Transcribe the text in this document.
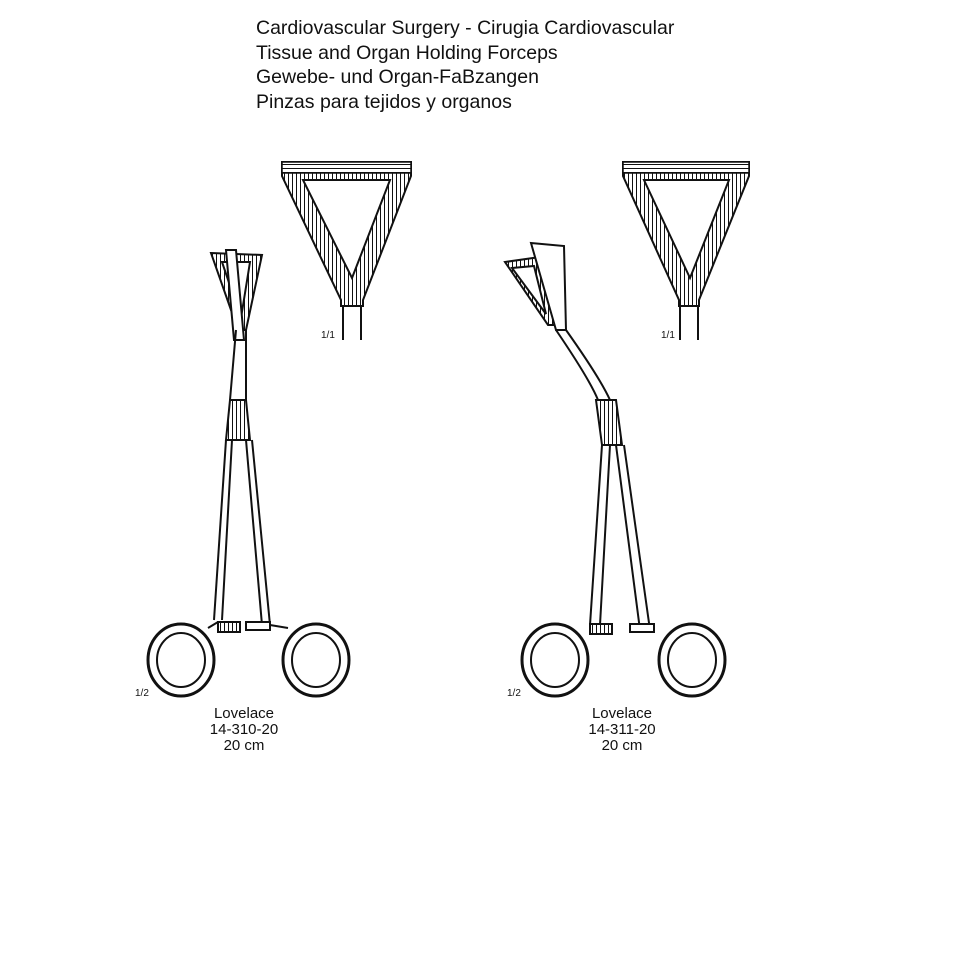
Cardiovascular Surgery - Cirugia Cardiovascular
Tissue and Organ Holding Forceps
Gewebe- und Organ-FaBzangen
Pinzas para tejidos y organos
1/1	1/1
1/2	1/2
Lovelace
14-310-20
20 cm
Lovelace
14-311-20
20 cm
